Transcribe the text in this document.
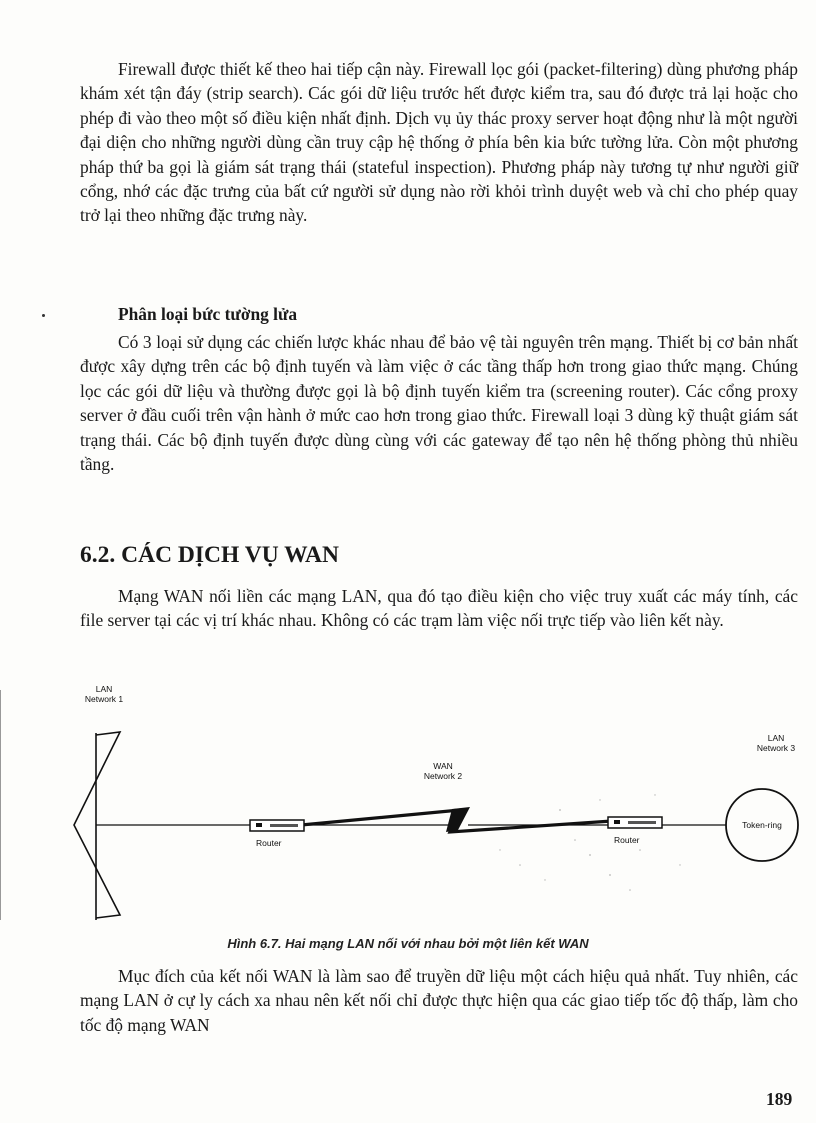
Firewall được thiết kế theo hai tiếp cận này. Firewall lọc gói (packet-filtering) dùng phương pháp khám xét tận đáy (strip search). Các gói dữ liệu trước hết được kiểm tra, sau đó được trả lại hoặc cho phép đi vào theo một số điều kiện nhất định. Dịch vụ ủy thác proxy server hoạt động như là một người đại diện cho những người dùng cần truy cập hệ thống ở phía bên kia bức tường lửa. Còn một phương pháp thứ ba gọi là giám sát trạng thái (stateful inspection). Phương pháp này tương tự như người giữ cổng, nhớ các đặc trưng của bất cứ người sử dụng nào rời khỏi trình duyệt web và chỉ cho phép quay trở lại theo những đặc trưng này.

Phân loại bức tường lửa

Có 3 loại sử dụng các chiến lược khác nhau để bảo vệ tài nguyên trên mạng. Thiết bị cơ bản nhất được xây dựng trên các bộ định tuyến và làm việc ở các tầng thấp hơn trong giao thức mạng. Chúng lọc các gói dữ liệu và thường được gọi là bộ định tuyến kiểm tra (screening router). Các cổng proxy server ở đầu cuối trên vận hành ở mức cao hơn trong giao thức. Firewall loại 3 dùng kỹ thuật giám sát trạng thái. Các bộ định tuyến được dùng cùng với các gateway để tạo nên hệ thống phòng thủ nhiều tầng.

6.2. CÁC DỊCH VỤ WAN

Mạng WAN nối liền các mạng LAN, qua đó tạo điều kiện cho việc truy xuất các máy tính, các file server tại các vị trí khác nhau. Không có các trạm làm việc nối trực tiếp vào liên kết này.

LAN
Network 1

WAN
Network 2

LAN
Network 3

Router	Router

Token-ring

Hình 6.7. Hai mạng LAN nối với nhau bởi một liên kết WAN

Mục đích của kết nối WAN là làm sao để truyền dữ liệu một cách hiệu quả nhất. Tuy nhiên, các mạng LAN ở cự ly cách xa nhau nên kết nối chỉ được thực hiện qua các giao tiếp tốc độ thấp, làm cho tốc độ mạng WAN

189
